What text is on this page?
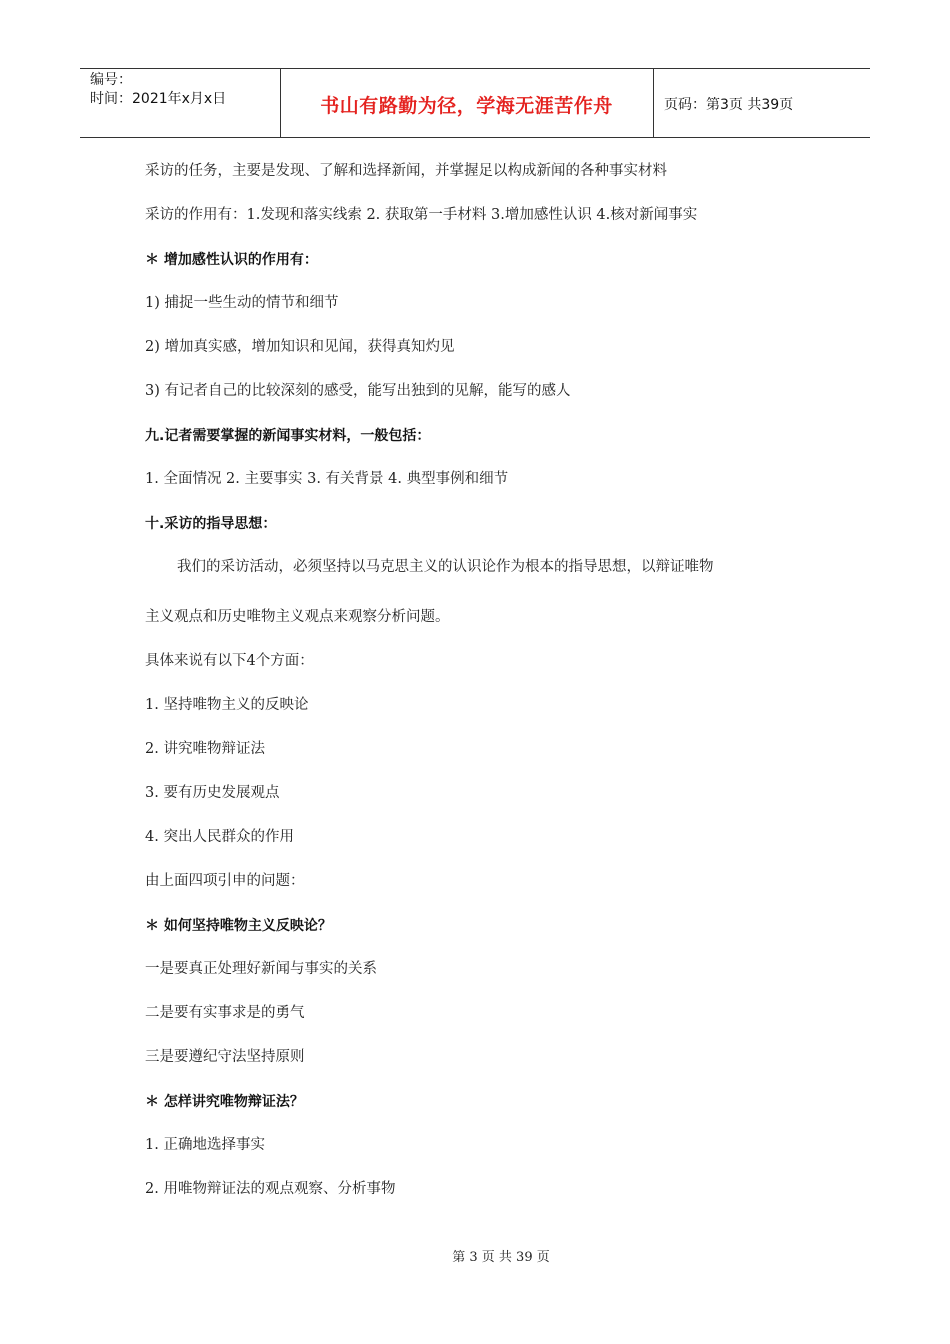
编号：
时间：2021年x月x日	书山有路勤为径，学海无涯苦作舟	页码：第3页 共39页
采访的任务，主要是发现、了解和选择新闻，并掌握足以构成新闻的各种事实材料
采访的作用有：1.发现和落实线索 2. 获取第一手材料 3.增加感性认识 4.核对新闻事实
＊ 增加感性认识的作用有：
1) 捕捉一些生动的情节和细节
2) 增加真实感，增加知识和见闻，获得真知灼见
3) 有记者自己的比较深刻的感受，能写出独到的见解，能写的感人
九.记者需要掌握的新闻事实材料，一般包括：
1. 全面情况 2. 主要事实 3. 有关背景 4. 典型事例和细节
十.采访的指导思想：
我们的采访活动，必须坚持以马克思主义的认识论作为根本的指导思想，以辩证唯物
主义观点和历史唯物主义观点来观察分析问题。
具体来说有以下4个方面：
1. 坚持唯物主义的反映论
2. 讲究唯物辩证法
3. 要有历史发展观点
4. 突出人民群众的作用
由上面四项引申的问题：
＊ 如何坚持唯物主义反映论？
一是要真正处理好新闻与事实的关系
二是要有实事求是的勇气
三是要遵纪守法坚持原则
＊ 怎样讲究唯物辩证法？
1. 正确地选择事实
2. 用唯物辩证法的观点观察、分析事物
第 3 页 共 39 页
